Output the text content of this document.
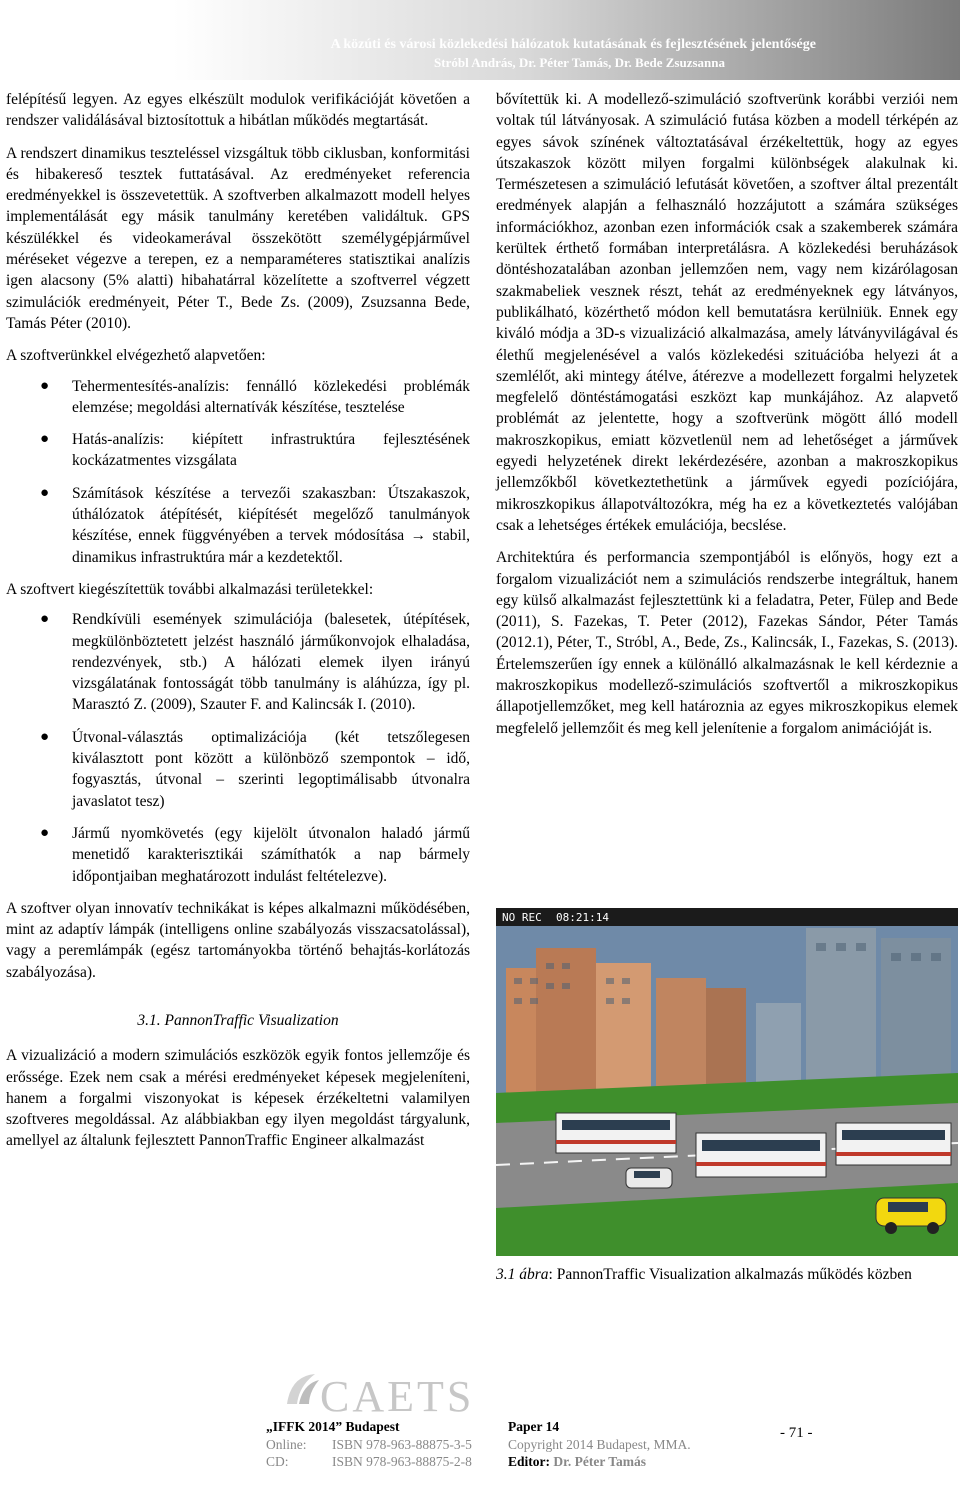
A közúti és városi közlekedési hálózatok kutatásának és fejlesztésének jelentősége
Stróbl András, Dr. Péter Tamás, Dr. Bede Zsuzsanna

felépítésű legyen. Az egyes elkészült modulok verifikációját követően a rendszer validálásával biztosítottuk a hibátlan működés megtartását.

A rendszert dinamikus teszteléssel vizsgáltuk több ciklusban, konformitási és hibakereső tesztek futtatásával. Az eredményeket referencia eredményekkel is összevetettük. A szoftverben alkalmazott modell helyes implementálását egy másik tanulmány keretében validáltuk. GPS készülékkel és videokamerával összekötött személygépjárművel méréseket végezve a terepen, ez a nemparaméteres statisztikai analízis igen alacsony (5% alatti) hibahatárral közelítette a szoftverrel végzett szimulációk eredményeit, Péter T., Bede Zs. (2009), Zsuzsanna Bede, Tamás Péter (2010).

A szoftverünkkel elvégezhető alapvetően:

● Tehermentesítés-analízis: fennálló közlekedési problémák elemzése; megoldási alternatívák készítése, tesztelése
● Hatás-analízis: kiépített infrastruktúra fejlesztésének kockázatmentes vizsgálata
● Számítások készítése a tervezői szakaszban: Útszakaszok, úthálózatok átépítését, kiépítését megelőző tanulmányok készítése, ennek függvényében a tervek módosítása → stabil, dinamikus infrastruktúra már a kezdetektől.

A szoftvert kiegészítettük további alkalmazási területekkel:

● Rendkívüli események szimulációja (balesetek, útépítések, megkülönböztetett jelzést használó járműkonvojok elhaladása, rendezvények, stb.) A hálózati elemek ilyen irányú vizsgálatának fontosságát több tanulmány is aláhúzza, így pl. Marasztó Z. (2009), Szauter F. and Kalincsák I. (2010).
● Útvonal-választás optimalizációja (két tetszőlegesen kiválasztott pont között a különböző szempontok – idő, fogyasztás, útvonal – szerinti legoptimálisabb útvonalra javaslatot tesz)
● Jármű nyomkövetés (egy kijelölt útvonalon haladó jármű menetidő karakterisztikái számíthatók a nap bármely időpontjaiban meghatározott indulást feltételezve).

A szoftver olyan innovatív technikákat is képes alkalmazni működésében, mint az adaptív lámpák (intelligens online szabályozás visszacsatolással), vagy a peremlámpák (egész tartományokba történő behajtás-korlátozás szabályozása).

3.1. PannonTraffic Visualization

A vizualizáció a modern szimulációs eszközök egyik fontos jellemzője és erőssége. Ezek nem csak a mérési eredményeket képesek megjeleníteni, hanem a forgalmi viszonyokat is képesek érzékeltetni valamilyen szoftveres megoldással. Az alábbiakban egy ilyen megoldást tárgyalunk, amellyel az általunk fejlesztett PannonTraffic Engineer alkalmazást

bővítettük ki. A modellező-szimuláció szoftverünk korábbi verziói nem voltak túl látványosak. A szimuláció futása közben a modell térképén az egyes sávok színének változtatásával érzékeltettük, hogy az egyes útszakaszok között milyen forgalmi különbségek alakulnak ki. Természetesen a szimuláció lefutását követően, a szoftver által prezentált eredmények alapján a felhasználó hozzájutott a számára szükséges információkhoz, azonban ezen információk csak a szakemberek számára kerültek érthető formában interpretálásra. A közlekedési beruházások döntéshozatalában azonban jellemzően nem, vagy nem kizárólagosan szakmabeliek vesznek részt, tehát az eredményeknek egy látványos, publikálható, közérthető módon kell bemutatásra kerülniük. Ennek egy kiváló módja a 3D-s vizualizáció alkalmazása, amely látványvilágával és élethű megjelenésével a valós közlekedési szituációba helyezi át a szemlélőt, aki mintegy átélve, átérezve a modellezett forgalmi helyzetek megfelelő döntéstámogatási eszközt kap munkájához. Az alapvető problémát az jelentette, hogy a szoftverünk mögött álló modell makroszkopikus, emiatt közvetlenül nem ad lehetőséget a járművek egyedi helyzetének direkt lekérdezésére, azonban a makroszkopikus jellemzőkből következtethetünk a járművek egyedi pozíciójára, mikroszkopikus állapotváltozókra, még ha ez a következtetés valójában csak a lehetséges értékek emulációja, becslése.

Architektúra és performancia szempontjából is előnyös, hogy ezt a forgalom vizualizációt nem a szimulációs rendszerbe integráltuk, hanem egy külső alkalmazást fejlesztettünk ki a feladatra, Peter, Fülep and Bede (2011), S. Fazekas, T. Peter (2012), Fazekas Sándor, Péter Tamás (2012.1), Péter, T., Stróbl, A., Bede, Zs., Kalincsák, I., Fazekas, S. (2013). Értelemszerűen így ennek a különálló alkalmazásnak le kell kérdeznie a makroszkopikus modellező-szimulációs szoftvertől a mikroszkopikus állapotjellemzőket, meg kell határoznia az egyes mikroszkopikus elemek megfelelő jellemzőit és meg kell jelenítenie a forgalom animációját is.

NO REC 08:21:14
3.1 ábra: PannonTraffic Visualization alkalmazás működés közben
CAETS
„IFFK 2014” Budapest
Online: ISBN 978-963-88875-3-5
CD:	ISBN 978-963-88875-2-8
Paper 14
Copyright 2014 Budapest, MMA.
Editor: Dr. Péter Tamás
- 71 -
